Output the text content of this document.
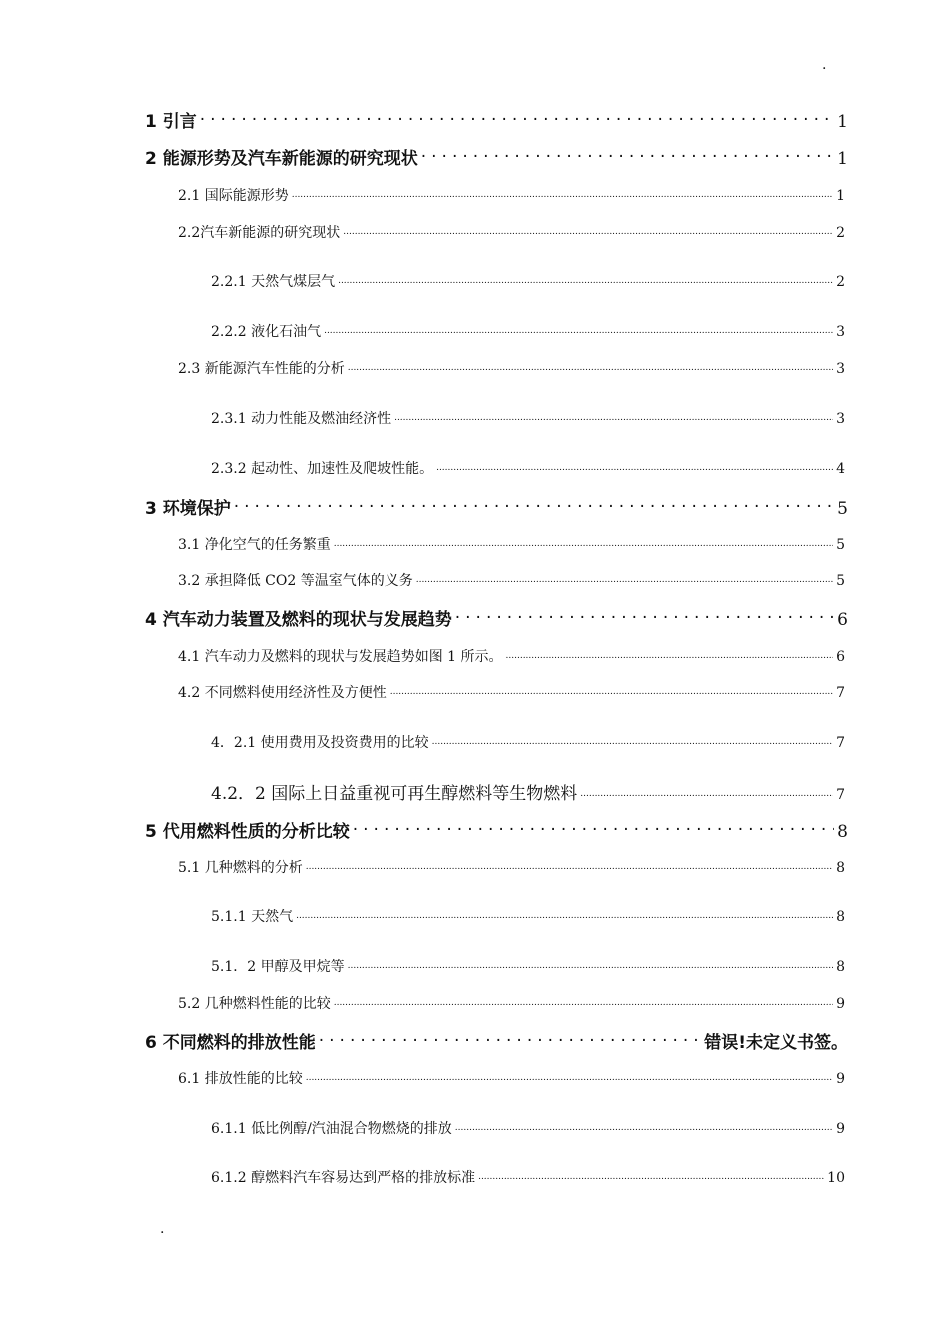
.
1 引言 .....	1
2 能源形势及汽车新能源的研究现状 .....	1
2.1 国际能源形势 .....	1
2.2汽车新能源的研究现状 .....	2
2.2.1 天然气煤层气 .....	2
2.2.2 液化石油气 .....	3
2.3 新能源汽车性能的分析 .....	3
2.3.1 动力性能及燃油经济性 .....	3
2.3.2 起动性、加速性及爬坡性能。 .....	4
3 环境保护 .....	5
3.1 净化空气的任务繁重 .....	5
3.2 承担降低 CO2 等温室气体的义务 .....	5
4 汽车动力装置及燃料的现状与发展趋势 .....	6
4.1 汽车动力及燃料的现状与发展趋势如图 1 所示。 .....	6
4.2 不同燃料使用经济性及方便性 .....	7
4．2.1 使用费用及投资费用的比较 .....	7
4.2．2 国际上日益重视可再生醇燃料等生物燃料 .....	7
5 代用燃料性质的分析比较 .....	8
5.1 几种燃料的分析 .....	8
5.1.1 天然气 .....	8
5.1．2 甲醇及甲烷等 .....	8
5.2 几种燃料性能的比较 .....	9
6 不同燃料的排放性能 .....	错误!未定义书签。
6.1 排放性能的比较 .....	9
6.1.1 低比例醇/汽油混合物燃烧的排放 .....	9
6.1.2 醇燃料汽车容易达到严格的排放标准 .....	10
.
